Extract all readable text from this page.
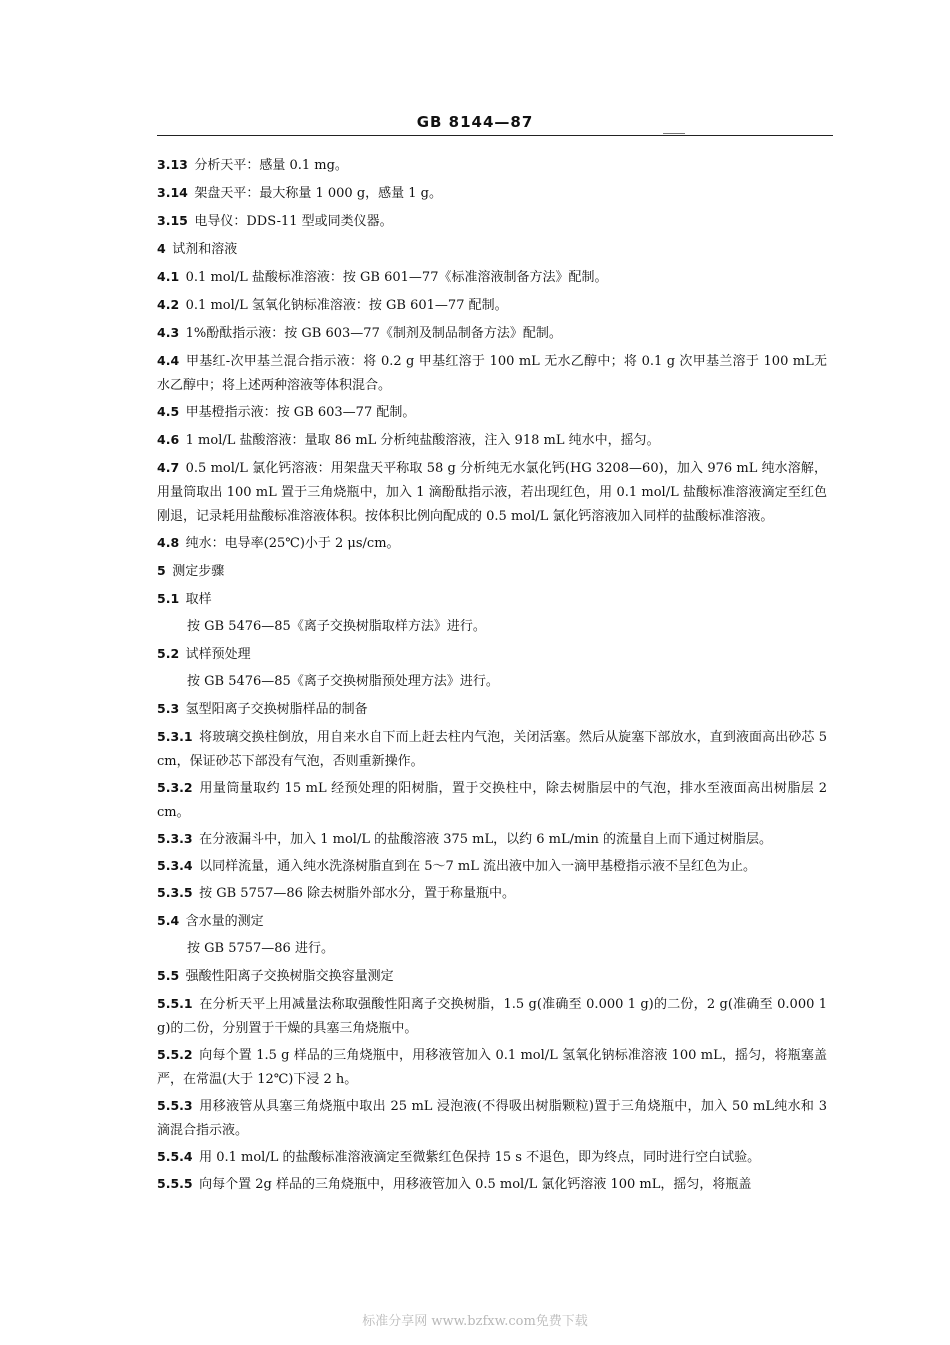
GB 8144—87
3.13  分析天平：感量 0.1 mg。
3.14  架盘天平：最大称量 1 000 g，感量 1 g。
3.15  电导仪：DDS-11 型或同类仪器。
4  试剂和溶液
4.1  0.1 mol/L 盐酸标准溶液：按 GB 601—77《标准溶液制备方法》配制。
4.2  0.1 mol/L 氢氧化钠标准溶液：按 GB 601—77 配制。
4.3  1%酚酞指示液：按 GB 603—77《制剂及制品制备方法》配制。
4.4  甲基红-次甲基兰混合指示液：将 0.2 g 甲基红溶于 100 mL 无水乙醇中；将 0.1 g 次甲基兰溶于 100 mL无水乙醇中；将上述两种溶液等体积混合。
4.5  甲基橙指示液：按 GB 603—77 配制。
4.6  1 mol/L 盐酸溶液：量取 86 mL 分析纯盐酸溶液，注入 918 mL 纯水中，摇匀。
4.7  0.5 mol/L 氯化钙溶液：用架盘天平称取 58 g 分析纯无水氯化钙(HG 3208—60)，加入 976 mL 纯水溶解，用量筒取出 100 mL 置于三角烧瓶中，加入 1 滴酚酞指示液，若出现红色，用 0.1 mol/L 盐酸标准溶液滴定至红色刚退，记录耗用盐酸标准溶液体积。按体积比例向配成的 0.5 mol/L 氯化钙溶液加入同样的盐酸标准溶液。
4.8  纯水：电导率(25℃)小于 2 μs/cm。
5  测定步骤
5.1  取样
按 GB 5476—85《离子交换树脂取样方法》进行。
5.2  试样预处理
按 GB 5476—85《离子交换树脂预处理方法》进行。
5.3  氢型阳离子交换树脂样品的制备
5.3.1  将玻璃交换柱倒放，用自来水自下而上赶去柱内气泡，关闭活塞。然后从旋塞下部放水，直到液面高出砂芯 5 cm，保证砂芯下部没有气泡，否则重新操作。
5.3.2  用量筒量取约 15 mL 经预处理的阳树脂，置于交换柱中，除去树脂层中的气泡，排水至液面高出树脂层 2 cm。
5.3.3  在分液漏斗中，加入 1 mol/L 的盐酸溶液 375 mL，以约 6 mL/min 的流量自上而下通过树脂层。
5.3.4  以同样流量，通入纯水洗涤树脂直到在 5～7 mL 流出液中加入一滴甲基橙指示液不呈红色为止。
5.3.5  按 GB 5757—86 除去树脂外部水分，置于称量瓶中。
5.4  含水量的测定
按 GB 5757—86 进行。
5.5  强酸性阳离子交换树脂交换容量测定
5.5.1  在分析天平上用减量法称取强酸性阳离子交换树脂，1.5 g(准确至 0.000 1 g)的二份，2 g(准确至 0.000 1 g)的二份，分别置于干燥的具塞三角烧瓶中。
5.5.2  向每个置 1.5 g 样品的三角烧瓶中，用移液管加入 0.1 mol/L 氢氧化钠标准溶液 100 mL，摇匀，将瓶塞盖严，在常温(大于 12℃)下浸 2 h。
5.5.3  用移液管从具塞三角烧瓶中取出 25 mL 浸泡液(不得吸出树脂颗粒)置于三角烧瓶中，加入 50 mL纯水和 3 滴混合指示液。
5.5.4  用 0.1 mol/L 的盐酸标准溶液滴定至微紫红色保持 15 s 不退色，即为终点，同时进行空白试验。
5.5.5  向每个置 2g 样品的三角烧瓶中，用移液管加入 0.5 mol/L 氯化钙溶液 100 mL，摇匀，将瓶盖
标准分享网 www.bzfxw.com免费下载
